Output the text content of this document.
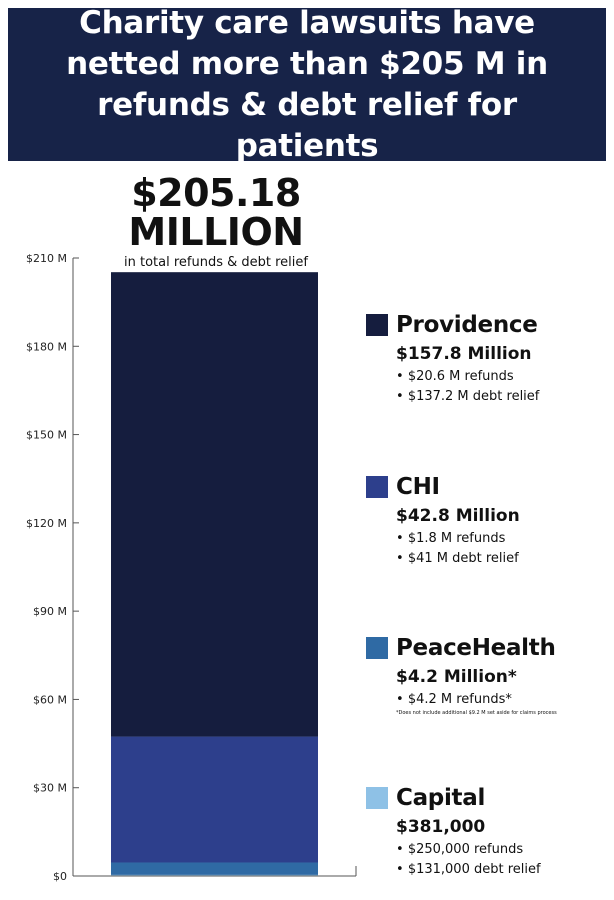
Charity care lawsuits have netted more than $205 M in refunds & debt relief for patients
$0
$30 M
$60 M
$90 M
$120 M
$150 M
$180 M
$210 M
$205.18
MILLION
in total refunds & debt relief
Providence
$157.8 Million
• $20.6 M refunds
• $137.2 M debt relief
CHI
$42.8 Million
• $1.8 M refunds
• $41 M debt relief
PeaceHealth
$4.2 Million*
• $4.2 M refunds*
*Does not include additional $9.2 M set aside for claims process
Capital
$381,000
• $250,000 refunds
• $131,000 debt relief
